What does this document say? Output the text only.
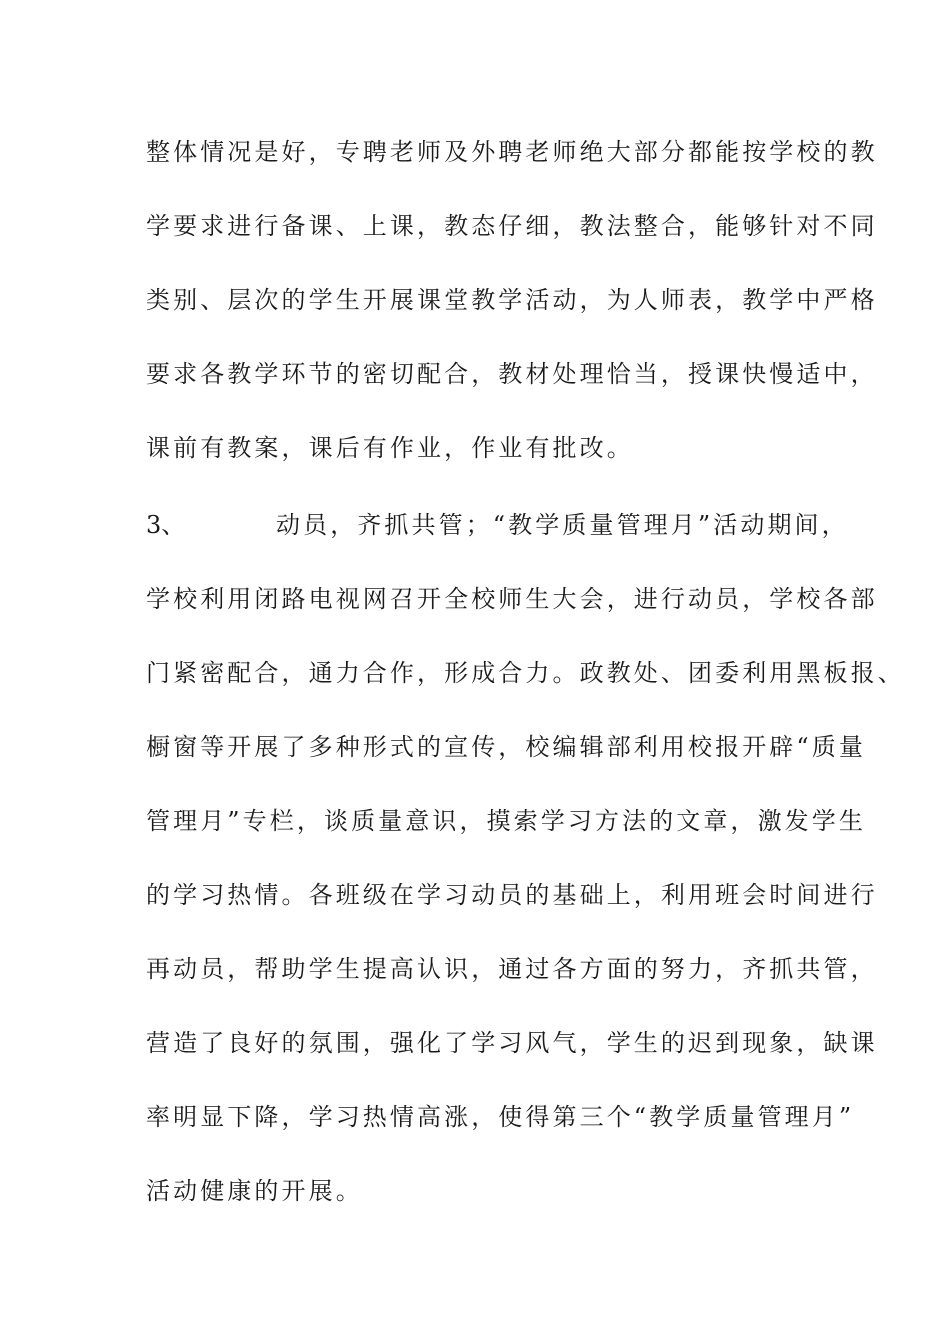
整体情况是好，专聘老师及外聘老师绝大部分都能按学校的教
学要求进行备课、上课，教态仔细，教法整合，能够针对不同
类别、层次的学生开展课堂教学活动，为人师表，教学中严格
要求各教学环节的密切配合，教材处理恰当，授课快慢适中，
课前有教案，课后有作业，作业有批改。
3、	动员，齐抓共管；“教学质量管理月”活动期间，
学校利用闭路电视网召开全校师生大会，进行动员，学校各部
门紧密配合，通力合作，形成合力。政教处、团委利用黑板报、
橱窗等开展了多种形式的宣传，校编辑部利用校报开辟“质量
管理月”专栏，谈质量意识，摸索学习方法的文章，激发学生
的学习热情。各班级在学习动员的基础上，利用班会时间进行
再动员，帮助学生提高认识，通过各方面的努力，齐抓共管，
营造了良好的氛围，强化了学习风气，学生的迟到现象，缺课
率明显下降，学习热情高涨，使得第三个“教学质量管理月”
活动健康的开展。
